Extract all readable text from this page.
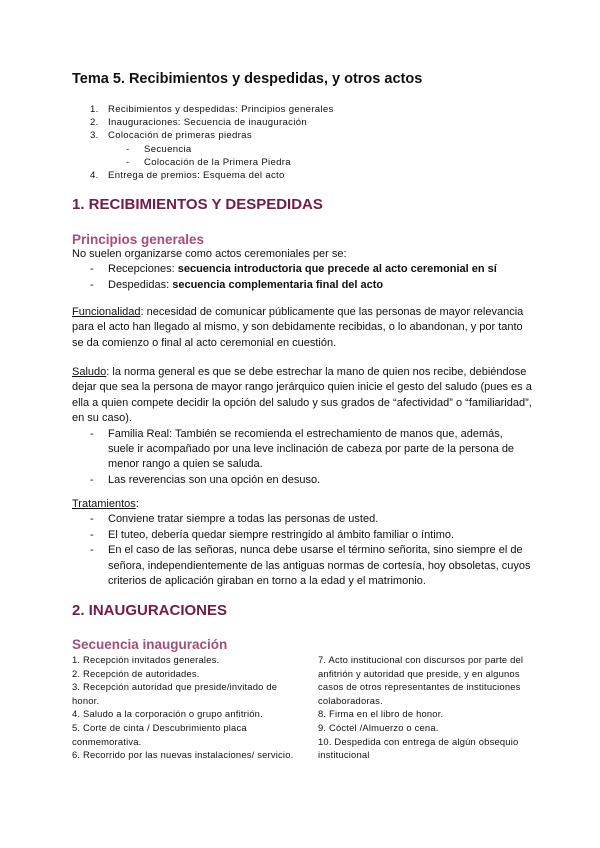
Tema 5. Recibimientos y despedidas, y otros actos
1. Recibimientos y despedidas: Principios generales
2. Inauguraciones: Secuencia de inauguración
3. Colocación de primeras piedras
- Secuencia
- Colocación de la Primera Piedra
4. Entrega de premios: Esquema del acto
1. RECIBIMIENTOS Y DESPEDIDAS
Principios generales
No suelen organizarse como actos ceremoniales per se:
- Recepciones: secuencia introductoria que precede al acto ceremonial en sí
- Despedidas: secuencia complementaria final del acto
Funcionalidad: necesidad de comunicar públicamente que las personas de mayor relevancia para el acto han llegado al mismo, y son debidamente recibidas, o lo abandonan, y por tanto se da comienzo o final al acto ceremonial en cuestión.
Saludo: la norma general es que se debe estrechar la mano de quien nos recibe, debiéndose dejar que sea la persona de mayor rango jerárquico quien inicie el gesto del saludo (pues es a ella a quien compete decidir la opción del saludo y sus grados de “afectividad” o “familiaridad”, en su caso).
- Familia Real: También se recomienda el estrechamiento de manos que, además, suele ir acompañado por una leve inclinación de cabeza por parte de la persona de menor rango a quien se saluda.
- Las reverencias son una opción en desuso.
Tratamientos:
- Conviene tratar siempre a todas las personas de usted.
- El tuteo, debería quedar siempre restringido al ámbito familiar o íntimo.
- En el caso de las señoras, nunca debe usarse el término señorita, sino siempre el de señora, independientemente de las antiguas normas de cortesía, hoy obsoletas, cuyos criterios de aplicación giraban en torno a la edad y el matrimonio.
2. INAUGURACIONES
Secuencia inauguración
1. Recepción invitados generales.
2. Recepción de autoridades.
3. Recepción autoridad que preside/invitado de honor.
4. Saludo a la corporación o grupo anfitrión.
5. Corte de cinta / Descubrimiento placa conmemorativa.
6. Recorrido por las nuevas instalaciones/ servicio.
7. Acto institucional con discursos por parte del anfitrión y autoridad que preside, y en algunos casos de otros representantes de instituciones colaboradoras.
8. Firma en el libro de honor.
9. Cóctel /Almuerzo o cena.
10. Despedida con entrega de algún obsequio institucional
